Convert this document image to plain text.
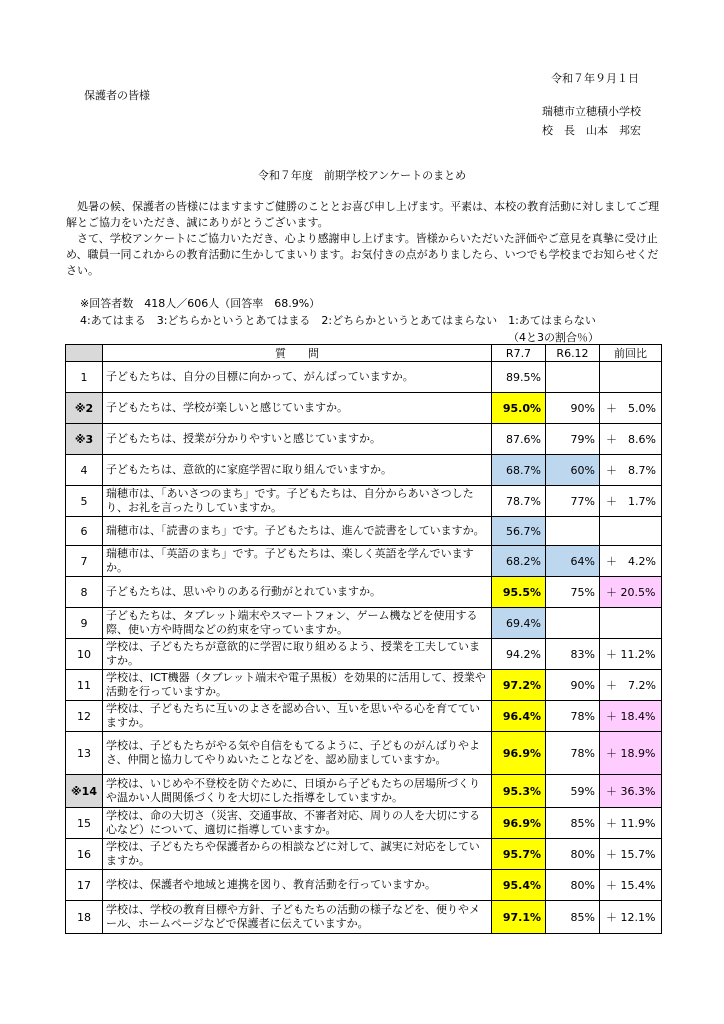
令和７年９月１日
保護者の皆様
瑞穂市立穂積小学校
校　長　山本　邦宏
令和７年度　前期学校アンケートのまとめ
処暑の候、保護者の皆様にはますますご健勝のこととお喜び申し上げます。平素は、本校の教育活動に対しましてご理解とご協力をいただき、誠にありがとうございます。
さて、学校アンケートにご協力いただき、心より感謝申し上げます。皆様からいただいた評価やご意見を真摯に受け止め、職員一同これからの教育活動に生かしてまいります。お気付きの点がありましたら、いつでも学校までお知らせください。
※回答者数　418人／606人（回答率　68.9%）
4:あてはまる　3:どちらかというとあてはまる　2:どちらかというとあてはまらない　1:あてはまらない
（4と3の割合％）
	質　　問	R7.7	R6.12	前回比
1	子どもたちは、自分の目標に向かって、がんばっていますか。	89.5%		
※2	子どもたちは、学校が楽しいと感じていますか。	95.0%	90%	＋　5.0%
※3	子どもたちは、授業が分かりやすいと感じていますか。	87.6%	79%	＋　8.6%
4	子どもたちは、意欲的に家庭学習に取り組んでいますか。	68.7%	60%	＋　8.7%
5	瑞穂市は、「あいさつのまち」です。子どもたちは、自分からあいさつしたり、お礼を言ったりしていますか。	78.7%	77%	＋　1.7%
6	瑞穂市は、「読書のまち」です。子どもたちは、進んで読書をしていますか。	56.7%		
7	瑞穂市は、「英語のまち」です。子どもたちは、楽しく英語を学んでいますか。	68.2%	64%	＋　4.2%
8	子どもたちは、思いやりのある行動がとれていますか。	95.5%	75%	＋ 20.5%
9	子どもたちは、タブレット端末やスマートフォン、ゲーム機などを使用する際、使い方や時間などの約束を守っていますか。	69.4%		
10	学校は、子どもたちが意欲的に学習に取り組めるよう、授業を工夫していますか。	94.2%	83%	＋ 11.2%
11	学校は、ICT機器（タブレット端末や電子黒板）を効果的に活用して、授業や活動を行っていますか。	97.2%	90%	＋　7.2%
12	学校は、子どもたちに互いのよさを認め合い、互いを思いやる心を育てていますか。	96.4%	78%	＋ 18.4%
13	学校は、子どもたちがやる気や自信をもてるように、子どものがんばりやよさ、仲間と協力してやりぬいたことなどを、認め励ましていますか。	96.9%	78%	＋ 18.9%
※14	学校は、いじめや不登校を防ぐために、日頃から子どもたちの居場所づくりや温かい人間関係づくりを大切にした指導をしていますか。	95.3%	59%	＋ 36.3%
15	学校は、命の大切さ（災害、交通事故、不審者対応、周りの人を大切にする心など）について、適切に指導していますか。	96.9%	85%	＋ 11.9%
16	学校は、子どもたちや保護者からの相談などに対して、誠実に対応をしていますか。	95.7%	80%	＋ 15.7%
17	学校は、保護者や地域と連携を図り、教育活動を行っていますか。	95.4%	80%	＋ 15.4%
18	学校は、学校の教育目標や方針、子どもたちの活動の様子などを、便りやメール、ホームページなどで保護者に伝えていますか。	97.1%	85%	＋ 12.1%
